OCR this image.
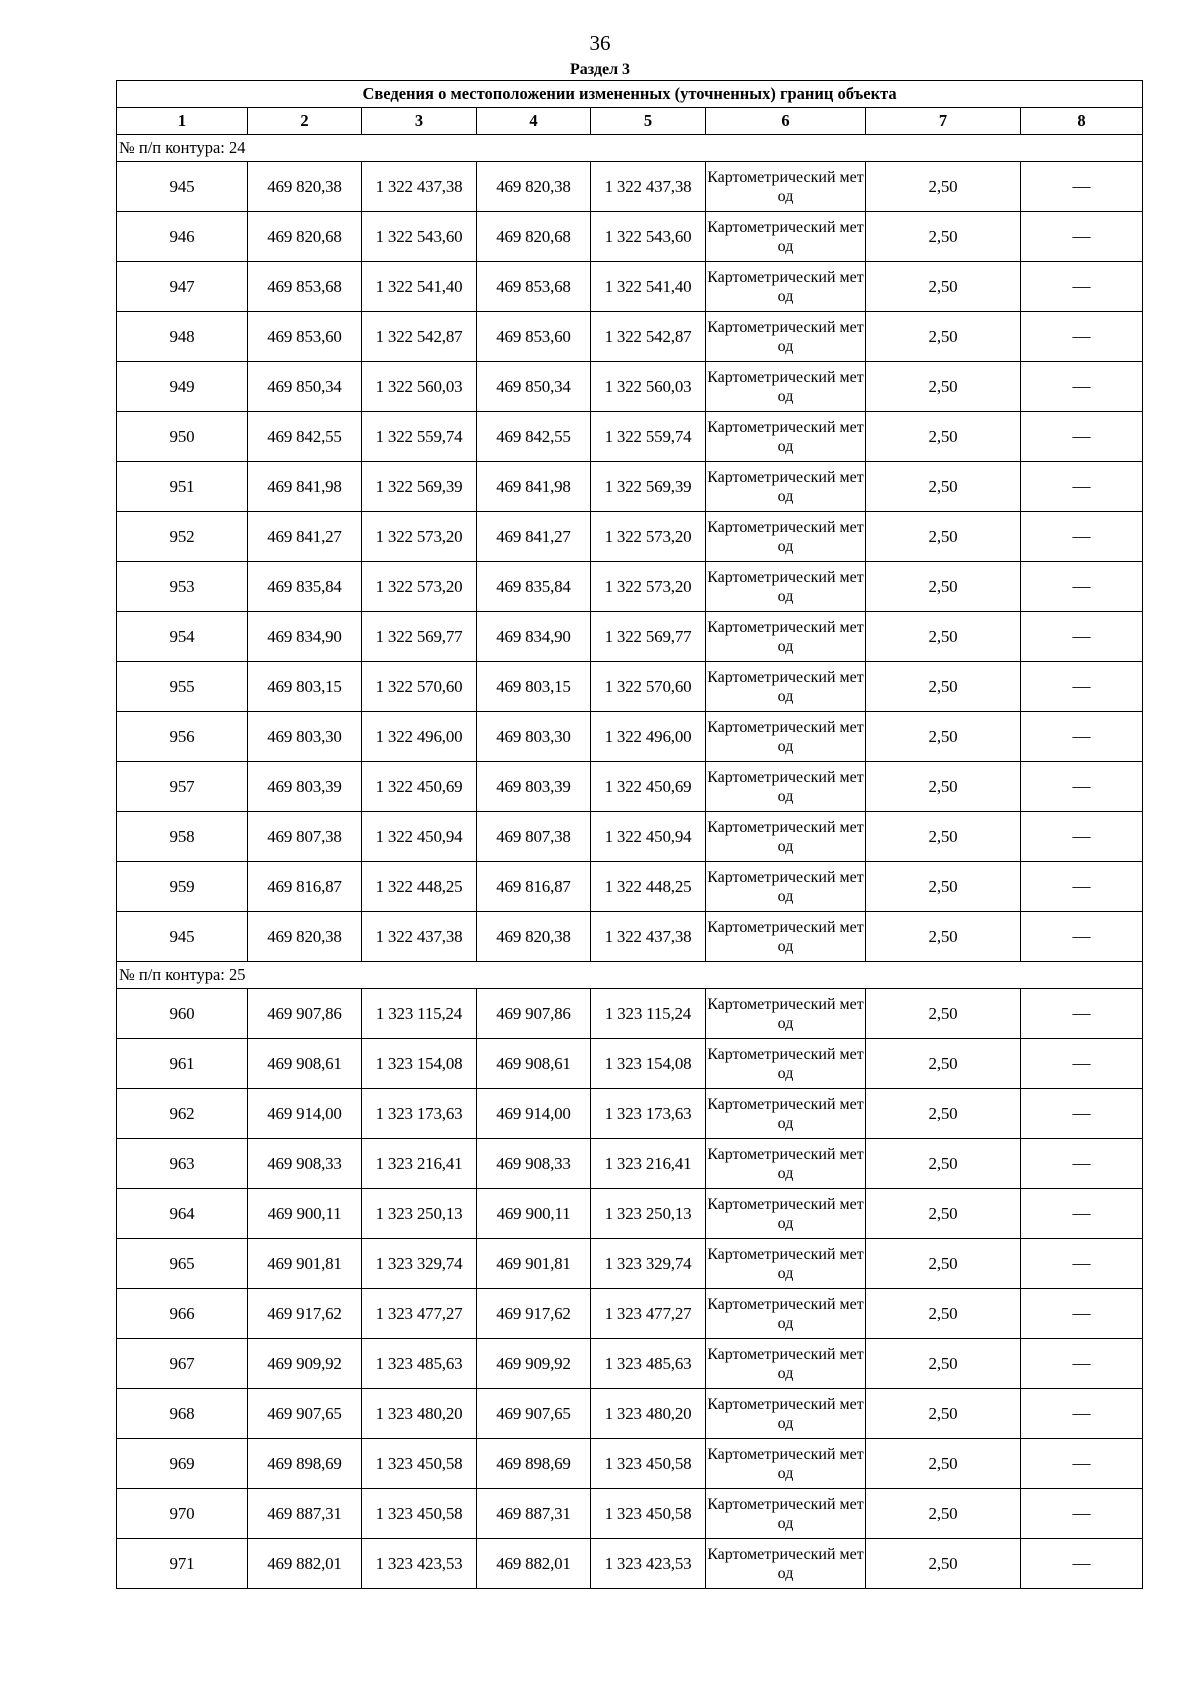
36
Раздел 3
Сведения о местоположении измененных (уточненных) границ объекта							
1	2	3	4	5	6	7	8
№ п/п контура: 24							
945	469 820,38	1 322 437,38	469 820,38	1 322 437,38	Картометрический метод	2,50	—
946	469 820,68	1 322 543,60	469 820,68	1 322 543,60	Картометрический метод	2,50	—
947	469 853,68	1 322 541,40	469 853,68	1 322 541,40	Картометрический метод	2,50	—
948	469 853,60	1 322 542,87	469 853,60	1 322 542,87	Картометрический метод	2,50	—
949	469 850,34	1 322 560,03	469 850,34	1 322 560,03	Картометрический метод	2,50	—
950	469 842,55	1 322 559,74	469 842,55	1 322 559,74	Картометрический метод	2,50	—
951	469 841,98	1 322 569,39	469 841,98	1 322 569,39	Картометрический метод	2,50	—
952	469 841,27	1 322 573,20	469 841,27	1 322 573,20	Картометрический метод	2,50	—
953	469 835,84	1 322 573,20	469 835,84	1 322 573,20	Картометрический метод	2,50	—
954	469 834,90	1 322 569,77	469 834,90	1 322 569,77	Картометрический метод	2,50	—
955	469 803,15	1 322 570,60	469 803,15	1 322 570,60	Картометрический метод	2,50	—
956	469 803,30	1 322 496,00	469 803,30	1 322 496,00	Картометрический метод	2,50	—
957	469 803,39	1 322 450,69	469 803,39	1 322 450,69	Картометрический метод	2,50	—
958	469 807,38	1 322 450,94	469 807,38	1 322 450,94	Картометрический метод	2,50	—
959	469 816,87	1 322 448,25	469 816,87	1 322 448,25	Картометрический метод	2,50	—
945	469 820,38	1 322 437,38	469 820,38	1 322 437,38	Картометрический метод	2,50	—
№ п/п контура: 25							
960	469 907,86	1 323 115,24	469 907,86	1 323 115,24	Картометрический метод	2,50	—
961	469 908,61	1 323 154,08	469 908,61	1 323 154,08	Картометрический метод	2,50	—
962	469 914,00	1 323 173,63	469 914,00	1 323 173,63	Картометрический метод	2,50	—
963	469 908,33	1 323 216,41	469 908,33	1 323 216,41	Картометрический метод	2,50	—
964	469 900,11	1 323 250,13	469 900,11	1 323 250,13	Картометрический метод	2,50	—
965	469 901,81	1 323 329,74	469 901,81	1 323 329,74	Картометрический метод	2,50	—
966	469 917,62	1 323 477,27	469 917,62	1 323 477,27	Картометрический метод	2,50	—
967	469 909,92	1 323 485,63	469 909,92	1 323 485,63	Картометрический метод	2,50	—
968	469 907,65	1 323 480,20	469 907,65	1 323 480,20	Картометрический метод	2,50	—
969	469 898,69	1 323 450,58	469 898,69	1 323 450,58	Картометрический метод	2,50	—
970	469 887,31	1 323 450,58	469 887,31	1 323 450,58	Картометрический метод	2,50	—
971	469 882,01	1 323 423,53	469 882,01	1 323 423,53	Картометрический метод	2,50	—
